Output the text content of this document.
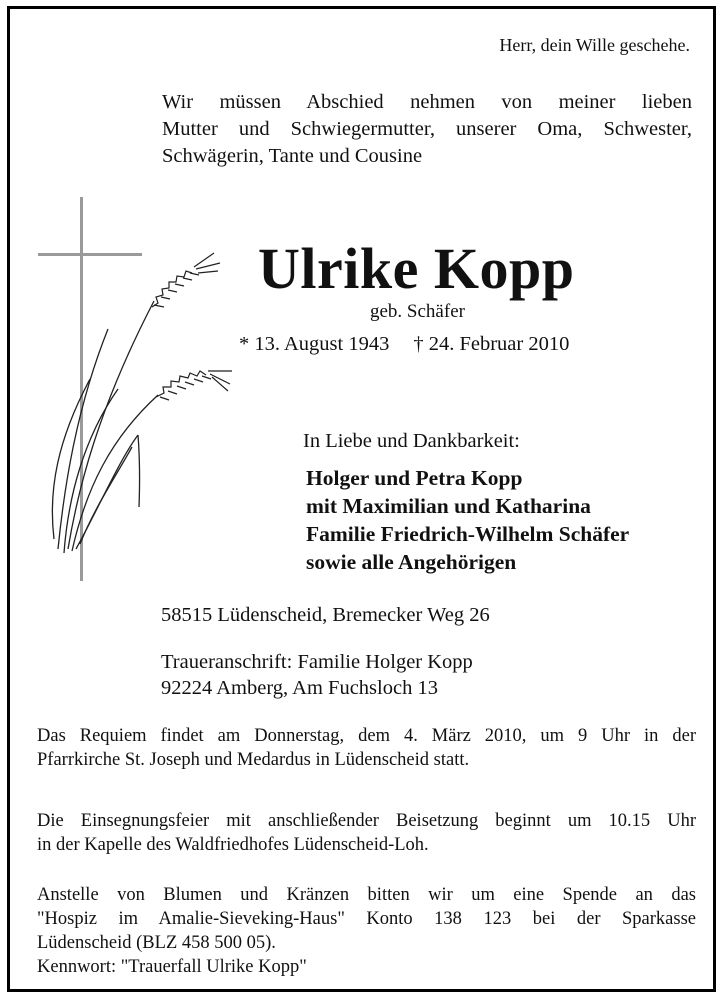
Herr, dein Wille geschehe.
Wir müssen Abschied nehmen von meiner lieben
Mutter und Schwiegermutter, unserer Oma, Schwester,
Schwägerin, Tante und Cousine
Ulrike Kopp
geb. Schäfer
* 13. August 1943 † 24. Februar 2010
In Liebe und Dankbarkeit:
Holger und Petra Kopp
mit Maximilian und Katharina
Familie Friedrich-Wilhelm Schäfer
sowie alle Angehörigen
58515 Lüdenscheid, Bremecker Weg 26
Traueranschrift: Familie Holger Kopp
92224 Amberg, Am Fuchsloch 13
Das Requiem findet am Donnerstag, dem 4. März 2010, um 9 Uhr in der
Pfarrkirche St. Joseph und Medardus in Lüdenscheid statt.
Die Einsegnungsfeier mit anschließender Beisetzung beginnt um 10.15 Uhr
in der Kapelle des Waldfriedhofes Lüdenscheid-Loh.
Anstelle von Blumen und Kränzen bitten wir um eine Spende an das
"Hospiz im Amalie-Sieveking-Haus" Konto 138 123 bei der Sparkasse
Lüdenscheid (BLZ 458 500 05).
Kennwort: "Trauerfall Ulrike Kopp"
